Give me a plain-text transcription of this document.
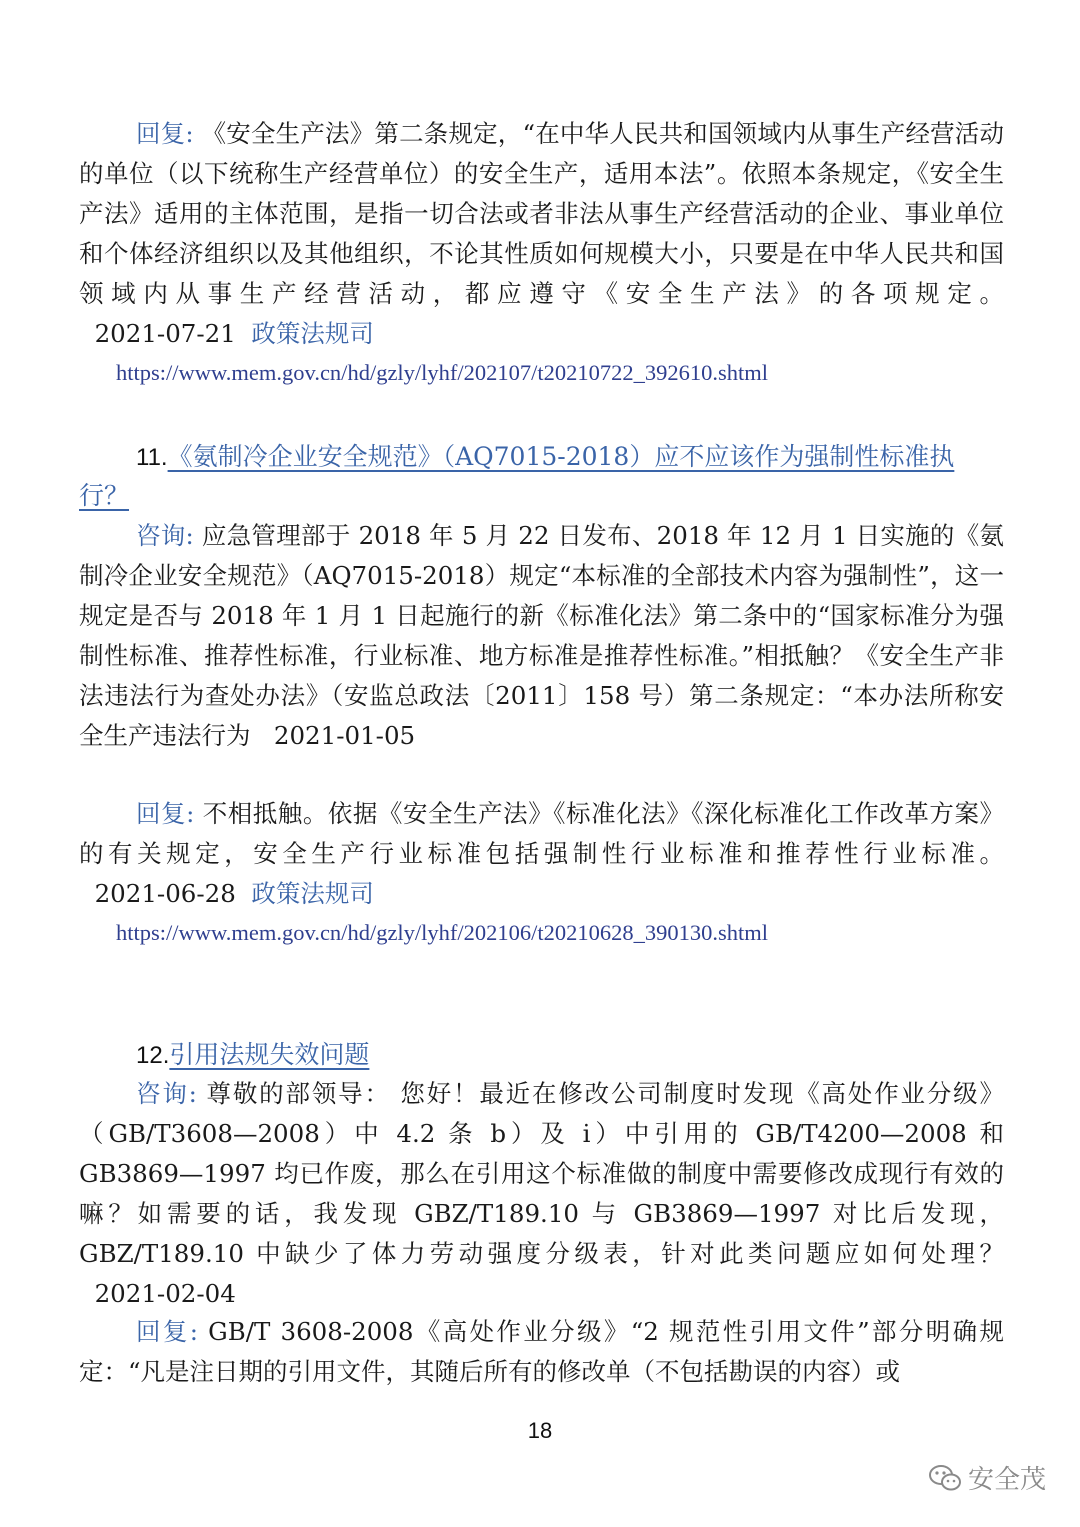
回复: 《安全生产法》第二条规定，“在中华人民共和国领域内从事生产经营活动的单位（以下统称生产经营单位）的安全生产，适用本法”。依照本条规定，《安全生产法》适用的主体范围，是指一切合法或者非法从事生产经营活动的企业、事业单位和个体经济组织以及其他组织，不论其性质如何规模大小，只要是在中华人民共和国领域内从事生产经营活动，都应遵守《安全生产法》的各项规定。   2021-07-21 政策法规司

https://www.mem.gov.cn/hd/gzly/lyhf/202107/t20210722_392610.shtml

11.《氨制冷企业安全规范》（AQ7015-2018）应不应该作为强制性标准执行？

咨询: 应急管理部于 2018 年 5 月 22 日发布、2018 年 12 月 1 日实施的《氨制冷企业安全规范》（AQ7015-2018）规定“本标准的全部技术内容为强制性”，这一规定是否与 2018 年 1 月 1 日起施行的新《标准化法》第二条中的“国家标准分为强制性标准、推荐性标准，行业标准、地方标准是推荐性标准。”相抵触？《安全生产非法违法行为查处办法》（安监总政法〔2011〕158 号）第二条规定：“本办法所称安全生产违法行为 2021-01-05

回复: 不相抵触。依据《安全生产法》《标准化法》《深化标准化工作改革方案》的有关规定，安全生产行业标准包括强制性行业标准和推荐性行业标准。   2021-06-28 政策法规司

https://www.mem.gov.cn/hd/gzly/lyhf/202106/t20210628_390130.shtml

12.引用法规失效问题

咨询: 尊敬的部领导： 您好！最近在修改公司制度时发现《高处作业分级》（GB/T3608—2008）中 4.2 条 b）及 i）中引用的 GB/T4200—2008 和 GB3869—1997 均已作废，那么在引用这个标准做的制度中需要修改成现行有效的嘛？如需要的话，我发现 GBZ/T189.10 与 GB3869—1997 对比后发现，GBZ/T189.10 中缺少了体力劳动强度分级表，针对此类问题应如何处理？   2021-02-04

回复: GB/T 3608-2008《高处作业分级》“2 规范性引用文件”部分明确规定：“凡是注日期的引用文件，其随后所有的修改单（不包括勘误的内容）或

18
安全茂
